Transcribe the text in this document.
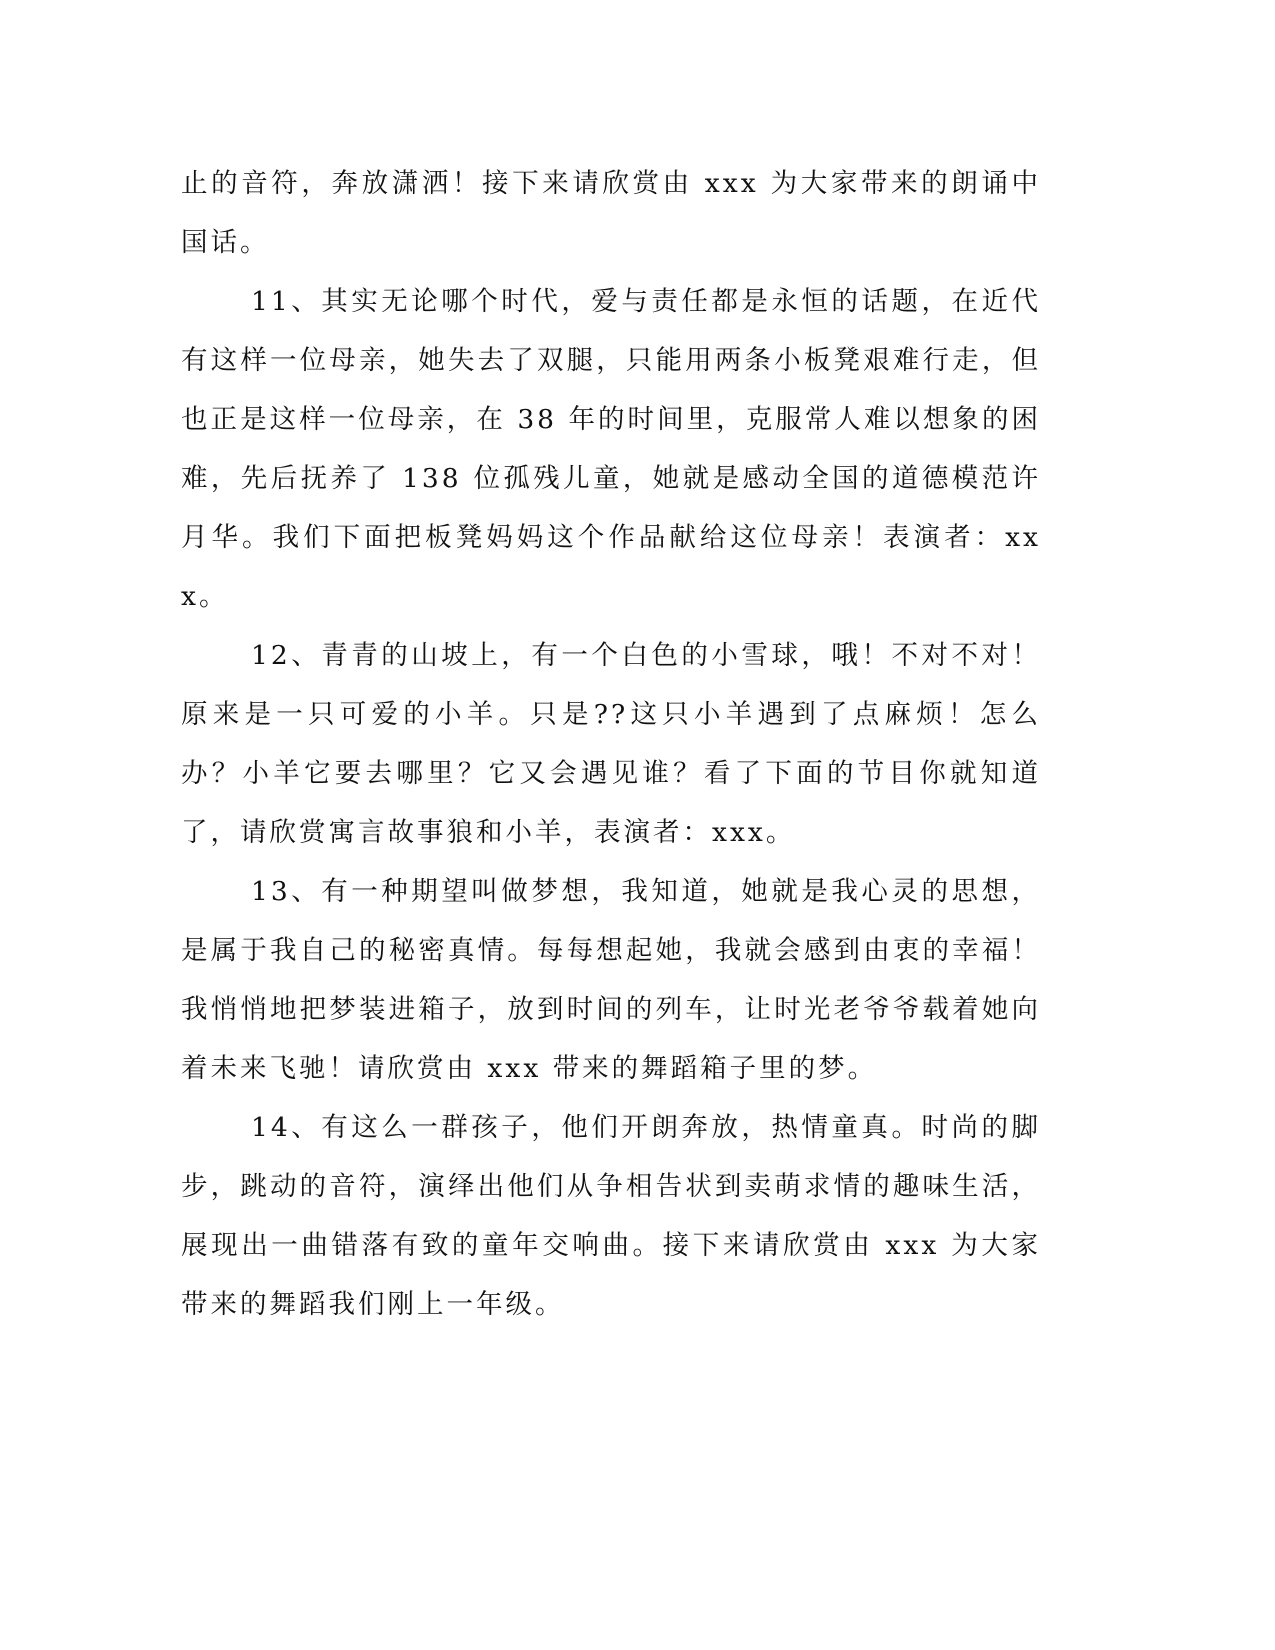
止的音符，奔放潇洒！接下来请欣赏由 xxx 为大家带来的朗诵中国话。

11、其实无论哪个时代，爱与责任都是永恒的话题，在近代有这样一位母亲，她失去了双腿，只能用两条小板凳艰难行走，但也正是这样一位母亲，在 38 年的时间里，克服常人难以想象的困难，先后抚养了 138 位孤残儿童，她就是感动全国的道德模范许月华。我们下面把板凳妈妈这个作品献给这位母亲！表演者：xxx。

12、青青的山坡上，有一个白色的小雪球，哦！不对不对！原来是一只可爱的小羊。只是??这只小羊遇到了点麻烦！怎么办？小羊它要去哪里？它又会遇见谁？看了下面的节目你就知道了，请欣赏寓言故事狼和小羊，表演者：xxx。

13、有一种期望叫做梦想，我知道，她就是我心灵的思想，是属于我自己的秘密真情。每每想起她，我就会感到由衷的幸福！我悄悄地把梦装进箱子，放到时间的列车，让时光老爷爷载着她向着未来飞驰！请欣赏由 xxx 带来的舞蹈箱子里的梦。

14、有这么一群孩子，他们开朗奔放，热情童真。时尚的脚步，跳动的音符，演绎出他们从争相告状到卖萌求情的趣味生活，展现出一曲错落有致的童年交响曲。接下来请欣赏由 xxx 为大家带来的舞蹈我们刚上一年级。
